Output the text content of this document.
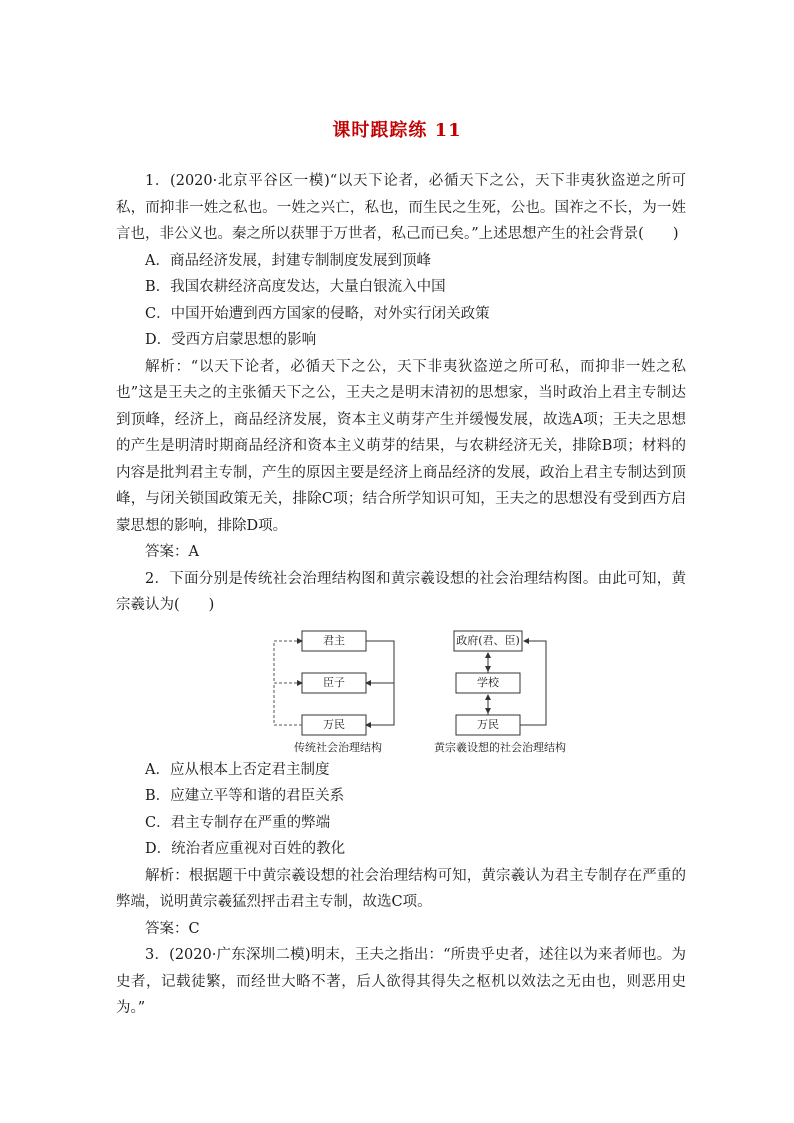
课时跟踪练 11

1．(2020·北京平谷区一模)“以天下论者，必循天下之公，天下非夷狄盗逆之所可私，而抑非一姓之私也。一姓之兴亡，私也，而生民之生死，公也。国祚之不长，为一姓言也，非公义也。秦之所以获罪于万世者，私己而已矣。”上述思想产生的社会背景(　　)

A．商品经济发展，封建专制制度发展到顶峰

B．我国农耕经济高度发达，大量白银流入中国

C．中国开始遭到西方国家的侵略，对外实行闭关政策

D．受西方启蒙思想的影响

解析：“以天下论者，必循天下之公，天下非夷狄盗逆之所可私，而抑非一姓之私也”这是王夫之的主张循天下之公，王夫之是明末清初的思想家，当时政治上君主专制达到顶峰，经济上，商品经济发展，资本主义萌芽产生并缓慢发展，故选A项；王夫之思想的产生是明清时期商品经济和资本主义萌芽的结果，与农耕经济无关，排除B项；材料的内容是批判君主专制，产生的原因主要是经济上商品经济的发展，政治上君主专制达到顶峰，与闭关锁国政策无关，排除C项；结合所学知识可知，王夫之的思想没有受到西方启蒙思想的影响，排除D项。

答案：A

2．下面分别是传统社会治理结构图和黄宗羲设想的社会治理结构图。由此可知，黄宗羲认为(　　)

君主
臣子
万民
传统社会治理结构
政府(君、臣)
学校
万民
黄宗羲设想的社会治理结构

A．应从根本上否定君主制度

B．应建立平等和谐的君臣关系

C．君主专制存在严重的弊端

D．统治者应重视对百姓的教化

解析：根据题干中黄宗羲设想的社会治理结构可知，黄宗羲认为君主专制存在严重的弊端，说明黄宗羲猛烈抨击君主专制，故选C项。

答案：C

3．(2020·广东深圳二模)明末，王夫之指出：“所贵乎史者，述往以为来者师也。为史者，记载徒繁，而经世大略不著，后人欲得其得失之枢机以效法之无由也，则恶用史为。”
